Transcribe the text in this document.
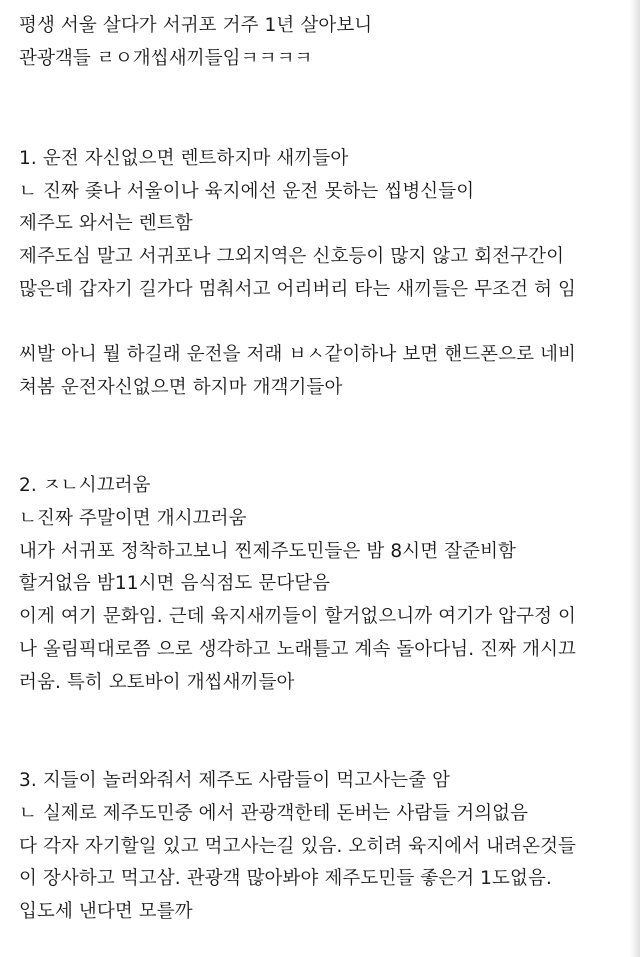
평생 서울 살다가 서귀포 거주 1년 살아보니
관광객들 ㄹㅇ개씹새끼들임ㅋㅋㅋㅋ
1. 운전 자신없으면 렌트하지마 새끼들아
ㄴ 진짜 좆나 서울이나 육지에선 운전 못하는 씹병신들이
제주도 와서는 렌트함
제주도심 말고 서귀포나 그외지역은 신호등이 많지 않고 회전구간이
많은데 갑자기 길가다 멈춰서고 어리버리 타는 새끼들은 무조건 허 임
씨발 아니 뭘 하길래 운전을 저래 ㅂㅅ같이하나 보면 핸드폰으로 네비
쳐봄 운전자신없으면 하지마 개객기들아
2. ㅈㄴ시끄러움
ㄴ진짜 주말이면 개시끄러움
내가 서귀포 정착하고보니 찐제주도민들은 밤 8시면 잘준비함
할거없음 밤11시면 음식점도 문다닫음
이게 여기 문화임. 근데 육지새끼들이 할거없으니까 여기가 압구정 이
나 올림픽대로쯤 으로 생각하고 노래틀고 계속 돌아다님. 진짜 개시끄
러움. 특히 오토바이 개씹새끼들아
3. 지들이 놀러와줘서 제주도 사람들이 먹고사는줄 암
ㄴ 실제로 제주도민중 에서 관광객한테 돈버는 사람들 거의없음
다 각자 자기할일 있고 먹고사는길 있음. 오히려 육지에서 내려온것들
이 장사하고 먹고삼. 관광객 많아봐야 제주도민들 좋은거 1도없음.
입도세 낸다면 모를까
